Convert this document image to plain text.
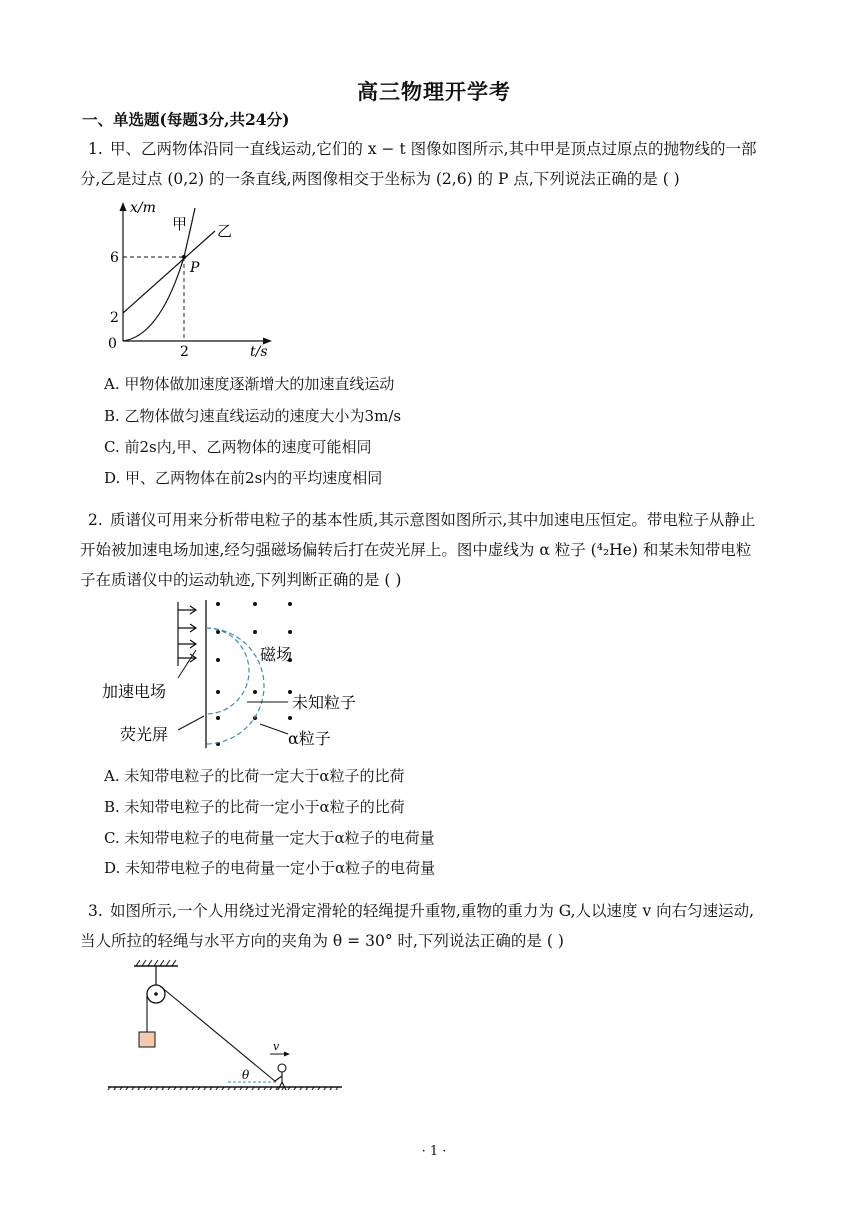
高三物理开学考
一、单选题(每题3分,共24分)
1. 甲、乙两物体沿同一直线运动,它们的 x − t 图像如图所示,其中甲是顶点过原点的抛物线的一部
分,乙是过点 (0,2) 的一条直线,两图像相交于坐标为 (2,6) 的 P 点,下列说法正确的是 ( )
x/m
t/s
0
6
2
2
甲 乙
P
A. 甲物体做加速度逐渐增大的加速直线运动
B. 乙物体做匀速直线运动的速度大小为3m/s
C. 前2s内,甲、乙两物体的速度可能相同
D. 甲、乙两物体在前2s内的平均速度相同
2. 质谱仪可用来分析带电粒子的基本性质,其示意图如图所示,其中加速电压恒定。带电粒子从静止
开始被加速电场加速,经匀强磁场偏转后打在荧光屏上。图中虚线为 α 粒子 (⁴₂He) 和某未知带电粒
子在质谱仪中的运动轨迹,下列判断正确的是 ( )
加速电场
荧光屏
磁场
未知粒子
α粒子
A. 未知带电粒子的比荷一定大于α粒子的比荷
B. 未知带电粒子的比荷一定小于α粒子的比荷
C. 未知带电粒子的电荷量一定大于α粒子的电荷量
D. 未知带电粒子的电荷量一定小于α粒子的电荷量
3. 如图所示,一个人用绕过光滑定滑轮的轻绳提升重物,重物的重力为 G,人以速度 v 向右匀速运动,
当人所拉的轻绳与水平方向的夹角为 θ = 30° 时,下列说法正确的是 ( )
v
θ
· 1 ·
